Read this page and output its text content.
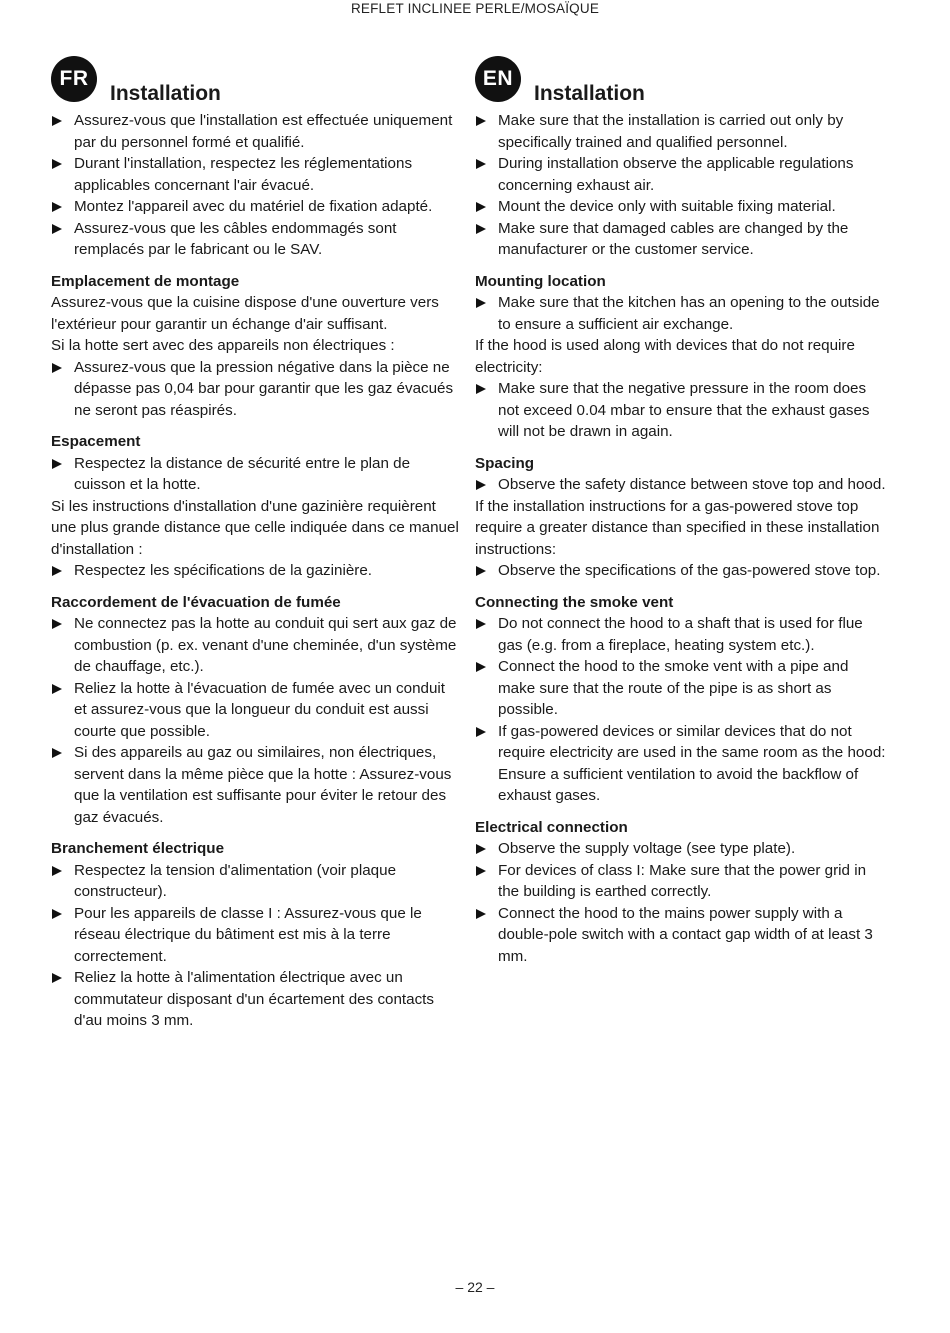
REFLET INCLINEE PERLE/MOSAÏQUE
FR
Installation
Assurez-vous que l'installation est effectuée uniquement par du personnel formé et qualifié.
Durant l'installation, respectez les réglementations applicables concernant l'air évacué.
Montez l'appareil avec du matériel de fixation adapté.
Assurez-vous que les câbles endommagés sont remplacés par le fabricant ou le SAV.
Emplacement de montage
Assurez-vous que la cuisine dispose d'une ouverture vers l'extérieur pour garantir un échange d'air suffisant.
Si la hotte sert avec des appareils non électriques :
Assurez-vous que la pression négative dans la pièce ne dépasse pas 0,04 bar pour garantir que les gaz évacués ne seront pas réaspirés.
Espacement
Respectez la distance de sécurité entre le plan de cuisson et la hotte.
Si les instructions d'installation d'une gazinière requièrent une plus grande distance que celle indiquée dans ce manuel d'installation :
Respectez les spécifications de la gazinière.
Raccordement de l'évacuation de fumée
Ne connectez pas la hotte au conduit qui sert aux gaz de combustion (p. ex. venant d'une cheminée, d'un système de chauffage, etc.).
Reliez la hotte à l'évacuation de fumée avec un conduit et assurez-vous que la longueur du conduit est aussi courte que possible.
Si des appareils au gaz ou similaires, non électriques, servent dans la même pièce que la hotte : Assurez-vous que la ventilation est suffisante pour éviter le retour des gaz évacués.
Branchement électrique
Respectez la tension d'alimentation (voir plaque constructeur).
Pour les appareils de classe I : Assurez-vous que le réseau électrique du bâtiment est mis à la terre correctement.
Reliez la hotte à l'alimentation électrique avec un commutateur disposant d'un écartement des contacts d'au moins 3 mm.
EN
Installation
Make sure that the installation is carried out only by specifically trained and qualified personnel.
During installation observe the applicable regulations concerning exhaust air.
Mount the device only with suitable fixing material.
Make sure that damaged cables are changed by the manufacturer or the customer service.
Mounting location
Make sure that the kitchen has an opening to the outside to ensure a sufficient air exchange.
If the hood is used along with devices that do not require electricity:
Make sure that the negative pressure in the room does not exceed 0.04 mbar to ensure that the exhaust gases will not be drawn in again.
Spacing
Observe the safety distance between stove top and hood.
If the installation instructions for a gas-powered stove top require a greater distance than specified in these installation instructions:
Observe the specifications of the gas-powered stove top.
Connecting the smoke vent
Do not connect the hood to a shaft that is used for flue gas (e.g. from a fireplace, heating system etc.).
Connect the hood to the smoke vent with a pipe and make sure that the route of the pipe is as short as possible.
If gas-powered devices or similar devices that do not require electricity are used in the same room as the hood: Ensure a sufficient ventilation to avoid the backflow of exhaust gases.
Electrical connection
Observe the supply voltage (see type plate).
For devices of class I: Make sure that the power grid in the building is earthed correctly.
Connect the hood to the mains power supply with a double-pole switch with a contact gap width of at least 3 mm.
– 22 –
